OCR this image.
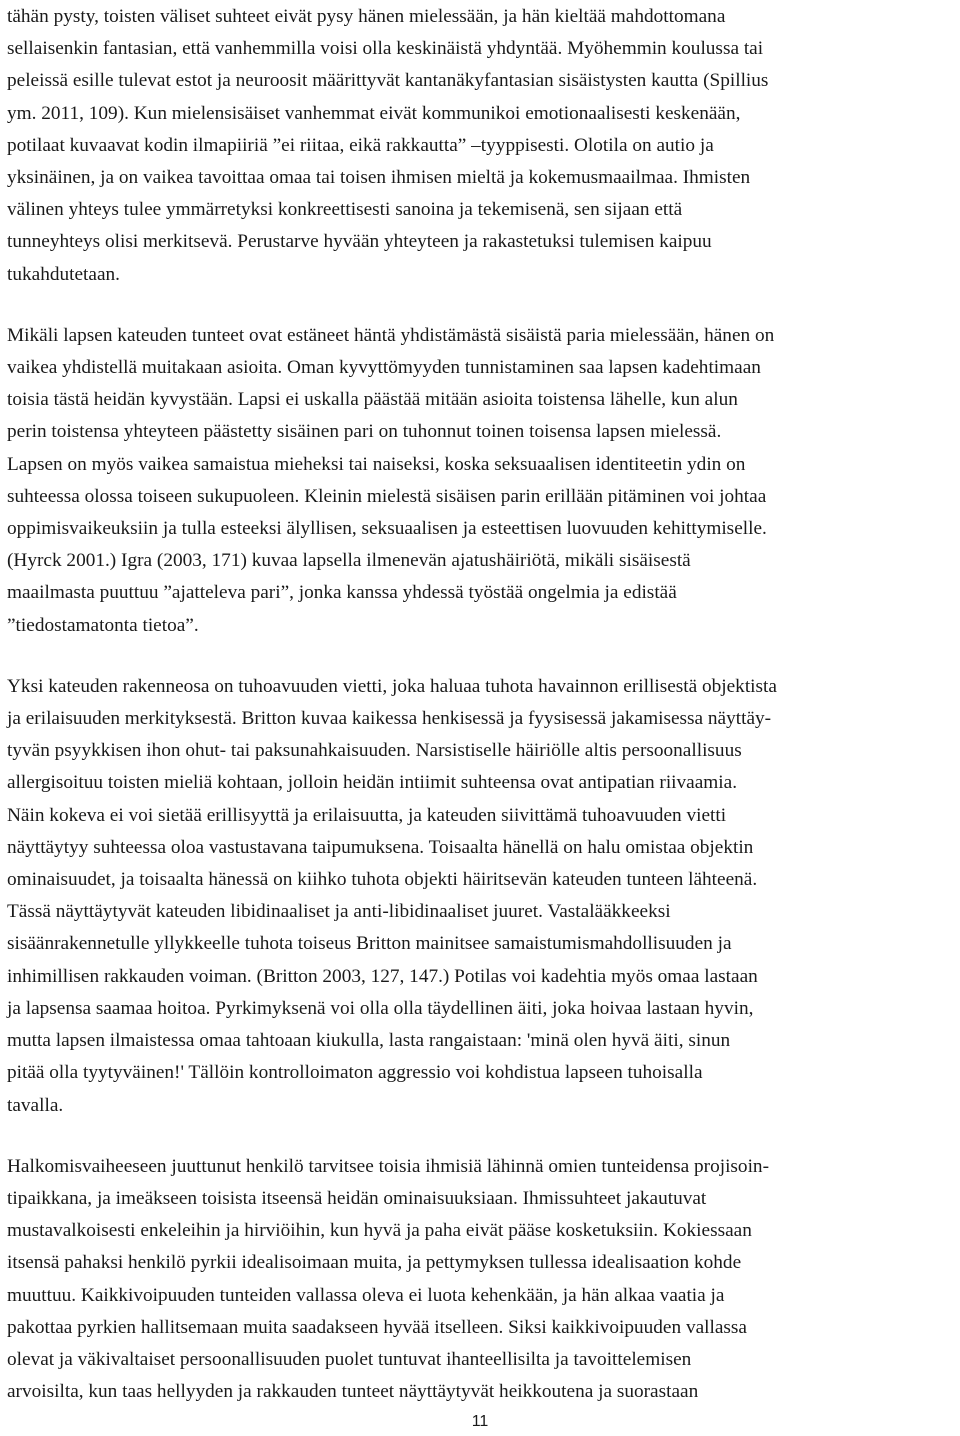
tähän pysty, toisten väliset suhteet eivät pysy hänen mielessään, ja hän kieltää mahdottomana
sellaisenkin fantasian, että vanhemmilla voisi olla keskinäistä yhdyntää. Myöhemmin koulussa tai
peleissä esille tulevat estot ja neuroosit määrittyvät kantanäkyfantasian sisäistysten kautta (Spillius
ym. 2011, 109). Kun mielensisäiset vanhemmat eivät kommunikoi emotionaalisesti keskenään,
potilaat kuvaavat kodin ilmapiiriä ”ei riitaa, eikä rakkautta” –tyyppisesti. Olotila on autio ja
yksinäinen, ja on vaikea tavoittaa omaa tai toisen ihmisen mieltä ja kokemusmaailmaa. Ihmisten
välinen yhteys tulee ymmärretyksi konkreettisesti sanoina ja tekemisenä, sen sijaan että
tunneyhteys olisi merkitsevä. Perustarve hyvään yhteyteen ja rakastetuksi tulemisen kaipuu
tukahdutetaan.

Mikäli lapsen kateuden tunteet ovat estäneet häntä yhdistämästä sisäistä paria mielessään, hänen on
vaikea yhdistellä muitakaan asioita. Oman kyvyttömyyden tunnistaminen saa lapsen kadehtimaan
toisia tästä heidän kyvystään. Lapsi ei uskalla päästää mitään asioita toistensa lähelle, kun alun
perin toistensa yhteyteen päästetty sisäinen pari on tuhonnut toinen toisensa lapsen mielessä.
Lapsen on myös vaikea samaistua mieheksi tai naiseksi, koska seksuaalisen identiteetin ydin on
suhteessa olossa toiseen sukupuoleen. Kleinin mielestä sisäisen parin erillään pitäminen voi johtaa
oppimisvaikeuksiin ja tulla esteeksi älyllisen, seksuaalisen ja esteettisen luovuuden kehittymiselle.
(Hyrck 2001.) Igra (2003, 171) kuvaa lapsella ilmenevän ajatushäiriötä, mikäli sisäisestä
maailmasta puuttuu ”ajatteleva pari”, jonka kanssa yhdessä työstää ongelmia ja edistää
”tiedostamatonta tietoa”.

Yksi kateuden rakenneosa on tuhoavuuden vietti, joka haluaa tuhota havainnon erillisestä objektista
ja erilaisuuden merkityksestä. Britton kuvaa kaikessa henkisessä ja fyysisessä jakamisessa näyttäy-
tyvän psyykkisen ihon ohut- tai paksunahkaisuuden. Narsistiselle häiriölle altis persoonallisuus
allergisoituu toisten mieliä kohtaan, jolloin heidän intiimit suhteensa ovat antipatian riivaamia.
Näin kokeva ei voi sietää erillisyyttä ja erilaisuutta, ja kateuden siivittämä tuhoavuuden vietti
näyttäytyy suhteessa oloa vastustavana taipumuksena. Toisaalta hänellä on halu omistaa objektin
ominaisuudet, ja toisaalta hänessä on kiihko tuhota objekti häiritsevän kateuden tunteen lähteenä.
Tässä näyttäytyvät kateuden libidinaaliset ja anti-libidinaaliset juuret. Vastalääkkeeksi
sisäänrakennetulle yllykkeelle tuhota toiseus Britton mainitsee samaistumismahdollisuuden ja
inhimillisen rakkauden voiman. (Britton 2003, 127, 147.) Potilas voi kadehtia myös omaa lastaan
ja lapsensa saamaa hoitoa. Pyrkimyksenä voi olla olla täydellinen äiti, joka hoivaa lastaan hyvin,
mutta lapsen ilmaistessa omaa tahtoaan kiukulla, lasta rangaistaan: 'minä olen hyvä äiti, sinun
pitää olla tyytyväinen!' Tällöin kontrolloimaton aggressio voi kohdistua lapseen tuhoisalla
tavalla.

Halkomisvaiheeseen juuttunut henkilö tarvitsee toisia ihmisiä lähinnä omien tunteidensa projisoin-
tipaikkana, ja imeäkseen toisista itseensä heidän ominaisuuksiaan. Ihmissuhteet jakautuvat
mustavalkoisesti enkeleihin ja hirviöihin, kun hyvä ja paha eivät pääse kosketuksiin. Kokiessaan
itsensä pahaksi henkilö pyrkii idealisoimaan muita, ja pettymyksen tullessa idealisaation kohde
muuttuu. Kaikkivoipuuden tunteiden vallassa oleva ei luota kehenkään, ja hän alkaa vaatia ja
pakottaa pyrkien hallitsemaan muita saadakseen hyvää itselleen. Siksi kaikkivoipuuden vallassa
olevat ja väkivaltaiset persoonallisuuden puolet tuntuvat ihanteellisilta ja tavoittelemisen
arvoisilta, kun taas hellyyden ja rakkauden tunteet näyttäytyvät heikkoutena ja suorastaan

11
